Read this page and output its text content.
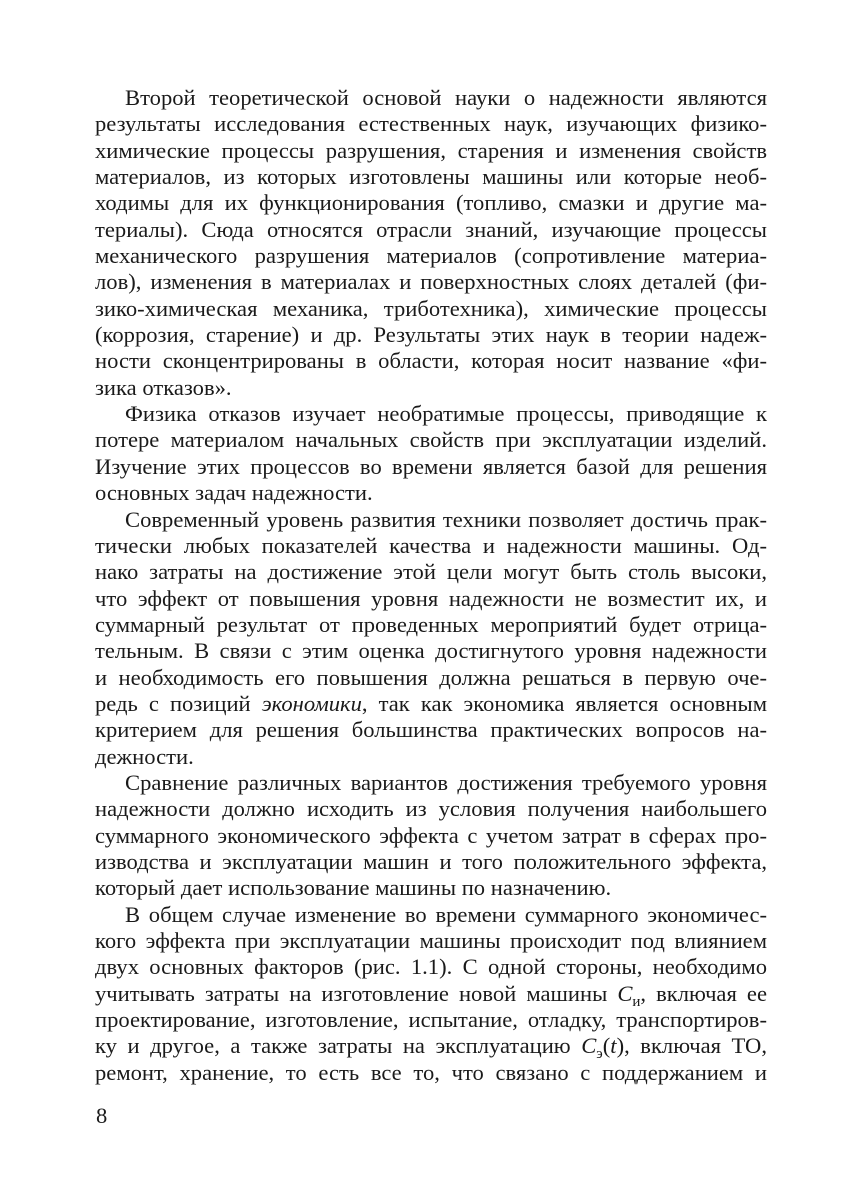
Второй теоретической основой науки о надежности являются
результаты исследования естественных наук, изучающих физико-
химические процессы разрушения, старения и изменения свойств
материалов, из которых изготовлены машины или которые необ-
ходимы для их функционирования (топливо, смазки и другие ма-
териалы). Сюда относятся отрасли знаний, изучающие процессы
механического разрушения материалов (сопротивление материа-
лов), изменения в материалах и поверхностных слоях деталей (фи-
зико-химическая механика, триботехника), химические процессы
(коррозия, старение) и др. Результаты этих наук в теории надеж-
ности сконцентрированы в области, которая носит название «фи-
зика отказов».
Физика отказов изучает необратимые процессы, приводящие к
потере материалом начальных свойств при эксплуатации изделий.
Изучение этих процессов во времени является базой для решения
основных задач надежности.
Современный уровень развития техники позволяет достичь прак-
тически любых показателей качества и надежности машины. Од-
нако затраты на достижение этой цели могут быть столь высоки,
что эффект от повышения уровня надежности не возместит их, и
суммарный результат от проведенных мероприятий будет отрица-
тельным. В связи с этим оценка достигнутого уровня надежности
и необходимость его повышения должна решаться в первую оче-
редь с позиций экономики, так как экономика является основным
критерием для решения большинства практических вопросов на-
дежности.
Сравнение различных вариантов достижения требуемого уровня
надежности должно исходить из условия получения наибольшего
суммарного экономического эффекта с учетом затрат в сферах про-
изводства и эксплуатации машин и того положительного эффекта,
который дает использование машины по назначению.
В общем случае изменение во времени суммарного экономичес-
кого эффекта при эксплуатации машины происходит под влиянием
двух основных факторов (рис. 1.1). С одной стороны, необходимо
учитывать затраты на изготовление новой машины $C_и$, включая ее
проектирование, изготовление, испытание, отладку, транспортиров-
ку и другое, а также затраты на эксплуатацию $C_э(t)$, включая ТО,
ремонт, хранение, то есть все то, что связано с поддержанием и
8
